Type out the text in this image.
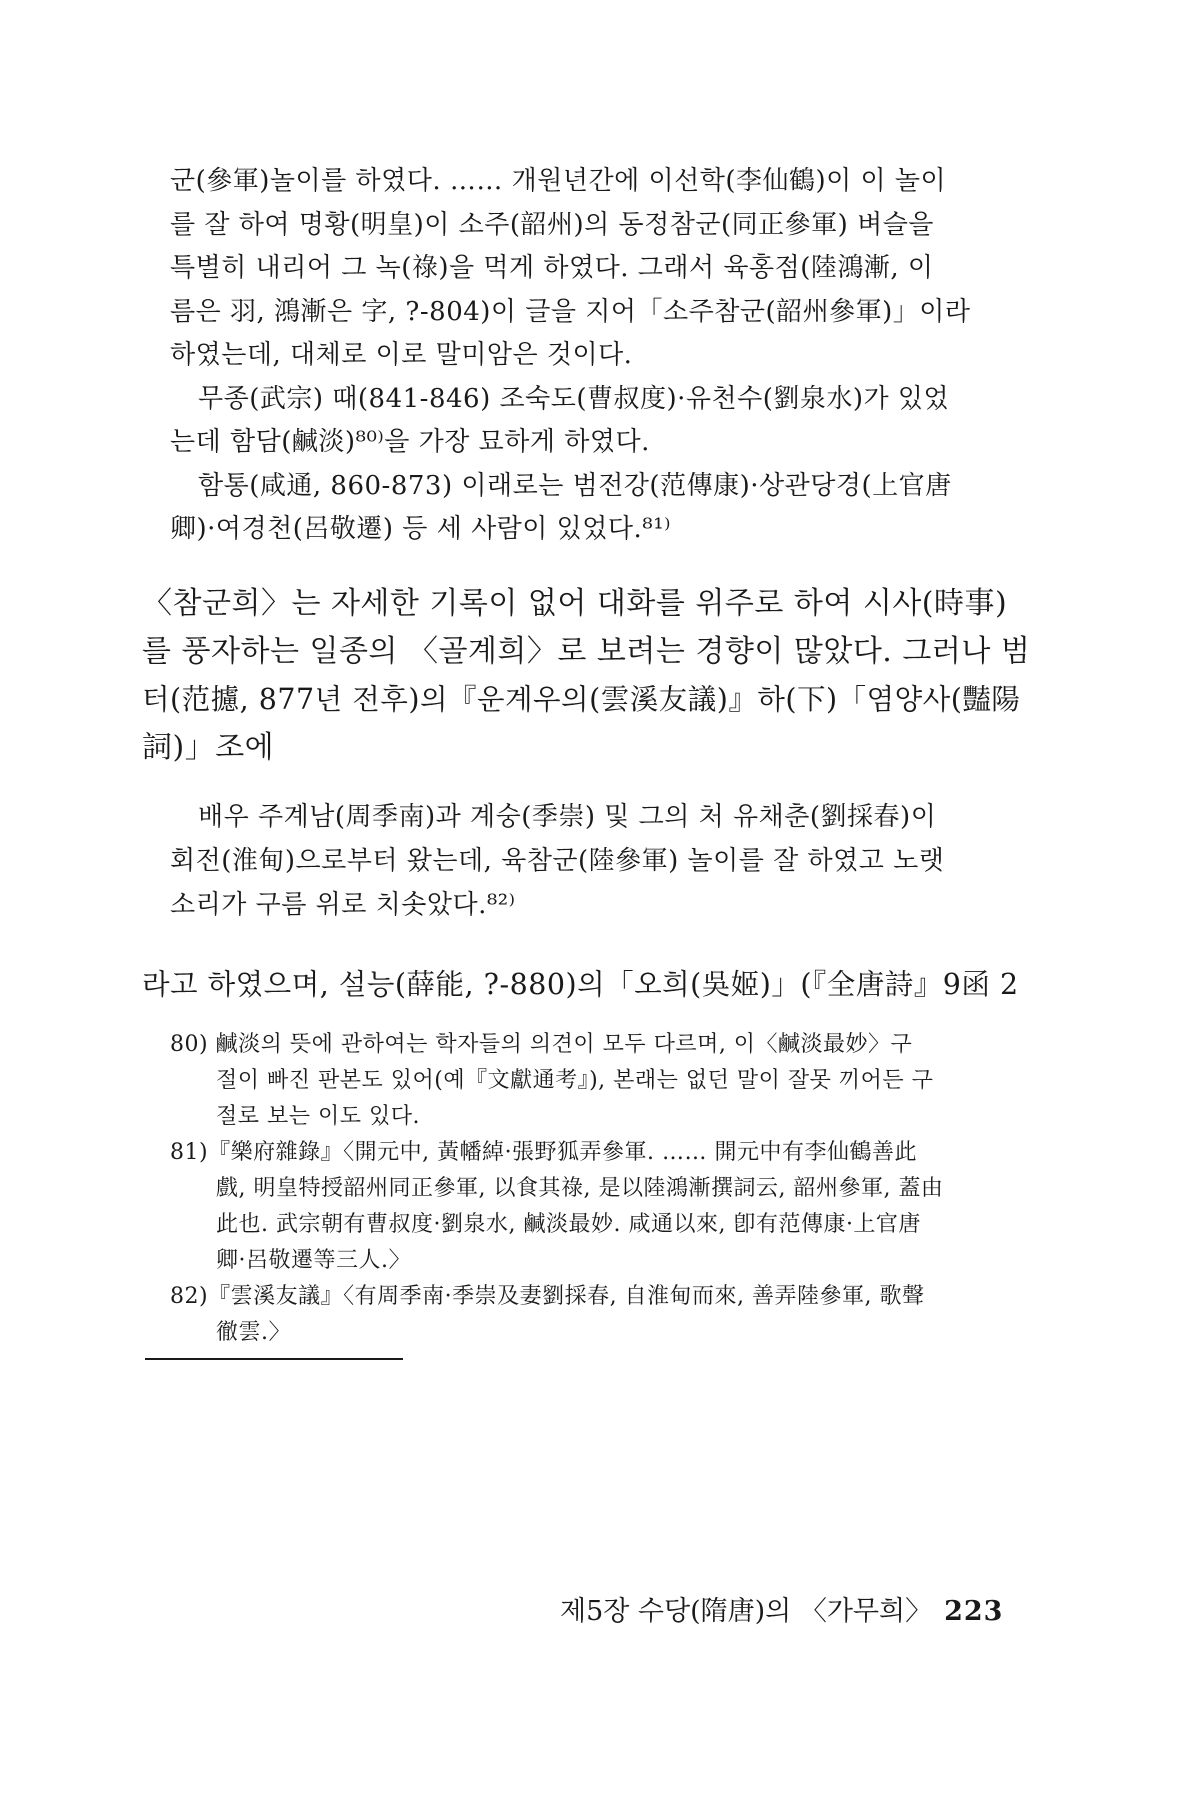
군(參軍)놀이를 하였다. …… 개원년간에 이선학(李仙鶴)이 이 놀이
를 잘 하여 명황(明皇)이 소주(韶州)의 동정참군(同正參軍) 벼슬을
특별히 내리어 그 녹(祿)을 먹게 하였다. 그래서 육홍점(陸鴻漸, 이
름은 羽, 鴻漸은 字, ?-804)이 글을 지어「소주참군(韶州參軍)」이라
하였는데, 대체로 이로 말미암은 것이다.
무종(武宗) 때(841-846) 조숙도(曹叔度)·유천수(劉泉水)가 있었
는데 함담(鹹淡)⁸⁰⁾을 가장 묘하게 하였다.
함통(咸通, 860-873) 이래로는 범전강(范傳康)·상관당경(上官唐
卿)·여경천(呂敬遷) 등 세 사람이 있었다.⁸¹⁾
〈참군희〉는 자세한 기록이 없어 대화를 위주로 하여 시사(時事)
를 풍자하는 일종의 〈골계희〉로 보려는 경향이 많았다. 그러나 범
터(范攄, 877년 전후)의『운계우의(雲溪友議)』하(下)「염양사(豔陽
詞)」조에
배우 주계남(周季南)과 계숭(季崇) 및 그의 처 유채춘(劉採春)이
회전(淮甸)으로부터 왔는데, 육참군(陸參軍) 놀이를 잘 하였고 노랫
소리가 구름 위로 치솟았다.⁸²⁾
라고 하였으며, 설능(薛能, ?-880)의「오희(吳姬)」(『全唐詩』9函 2
80) 鹹淡의 뜻에 관하여는 학자들의 의견이 모두 다르며, 이〈鹹淡最妙〉구
절이 빠진 판본도 있어(예『文獻通考』), 본래는 없던 말이 잘못 끼어든 구
절로 보는 이도 있다.
81)『樂府雜錄』〈開元中, 黃幡綽·張野狐弄參軍. …… 開元中有李仙鶴善此
戲, 明皇特授韶州同正參軍, 以食其祿, 是以陸鴻漸撰詞云, 韶州參軍, 蓋由
此也. 武宗朝有曹叔度·劉泉水, 鹹淡最妙. 咸通以來, 卽有范傳康·上官唐
卿·呂敬遷等三人.〉
82)『雲溪友議』〈有周季南·季崇及妻劉採春, 自淮甸而來, 善弄陸參軍, 歌聲
徹雲.〉
제5장 수당(隋唐)의 〈가무희〉 223
